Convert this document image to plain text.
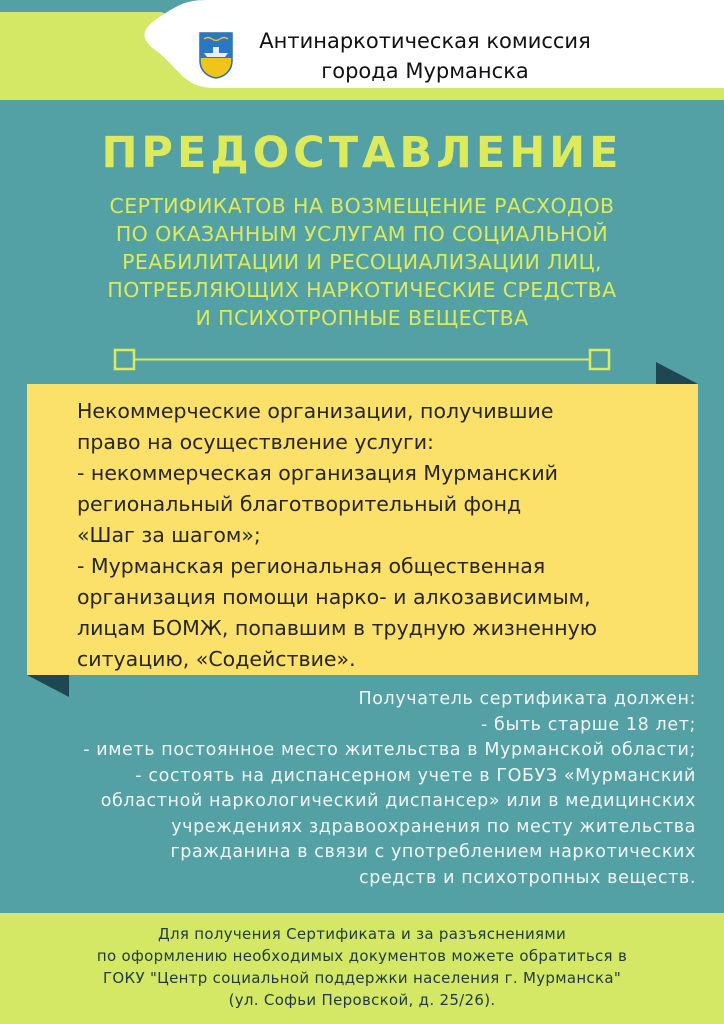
Антинаркотическая комиссия
города Мурманска
ПРЕДОСТАВЛЕНИЕ
СЕРТИФИКАТОВ НА ВОЗМЕЩЕНИЕ РАСХОДОВ
ПО ОКАЗАННЫМ УСЛУГАМ ПО СОЦИАЛЬНОЙ
РЕАБИЛИТАЦИИ И РЕСОЦИАЛИЗАЦИИ ЛИЦ,
ПОТРЕБЛЯЮЩИХ НАРКОТИЧЕСКИЕ СРЕДСТВА
И ПСИХОТРОПНЫЕ ВЕЩЕСТВА
Некоммерческие организации, получившие
право на осуществление услуги:
- некоммерческая организация Мурманский
региональный благотворительный фонд
«Шаг за шагом»;
- Мурманская региональная общественная
организация помощи нарко- и алкозависимым,
лицам БОМЖ, попавшим в трудную жизненную
ситуацию, «Содействие».
Получатель сертификата должен:
- быть старше 18 лет;
- иметь постоянное место жительства в Мурманской области;
- состоять на диспансерном учете в ГОБУЗ «Мурманский
областной наркологический диспансер» или в медицинских
учреждениях здравоохранения по месту жительства
гражданина в связи с употреблением наркотических
средств и психотропных веществ.
Для получения Сертификата и за разъяснениями
по оформлению необходимых документов можете обратиться в
ГОКУ "Центр социальной поддержки населения г. Мурманска"
(ул. Софьи Перовской, д. 25/26).
